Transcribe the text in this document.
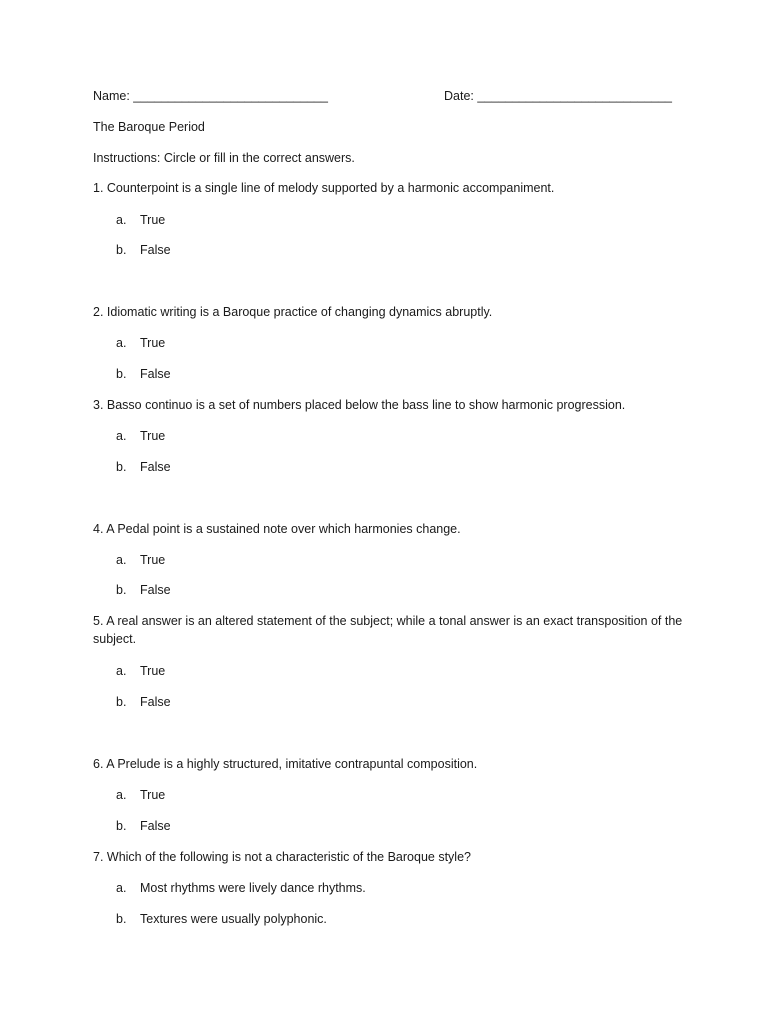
Name: ____________________________	Date: ____________________________
The Baroque Period
Instructions: Circle or fill in the correct answers.
1. Counterpoint is a single line of melody supported by a harmonic accompaniment.
a. True
b. False
2. Idiomatic writing is a Baroque practice of changing dynamics abruptly.
a. True
b. False
3. Basso continuo is a set of numbers placed below the bass line to show harmonic progression.
a. True
b. False
4. A Pedal point is a sustained note over which harmonies change.
a. True
b. False
5. A real answer is an altered statement of the subject; while a tonal answer is an exact transposition of the subject.
a. True
b. False
6. A Prelude is a highly structured, imitative contrapuntal composition.
a. True
b. False
7. Which of the following is not a characteristic of the Baroque style?
a. Most rhythms were lively dance rhythms.
b. Textures were usually polyphonic.
